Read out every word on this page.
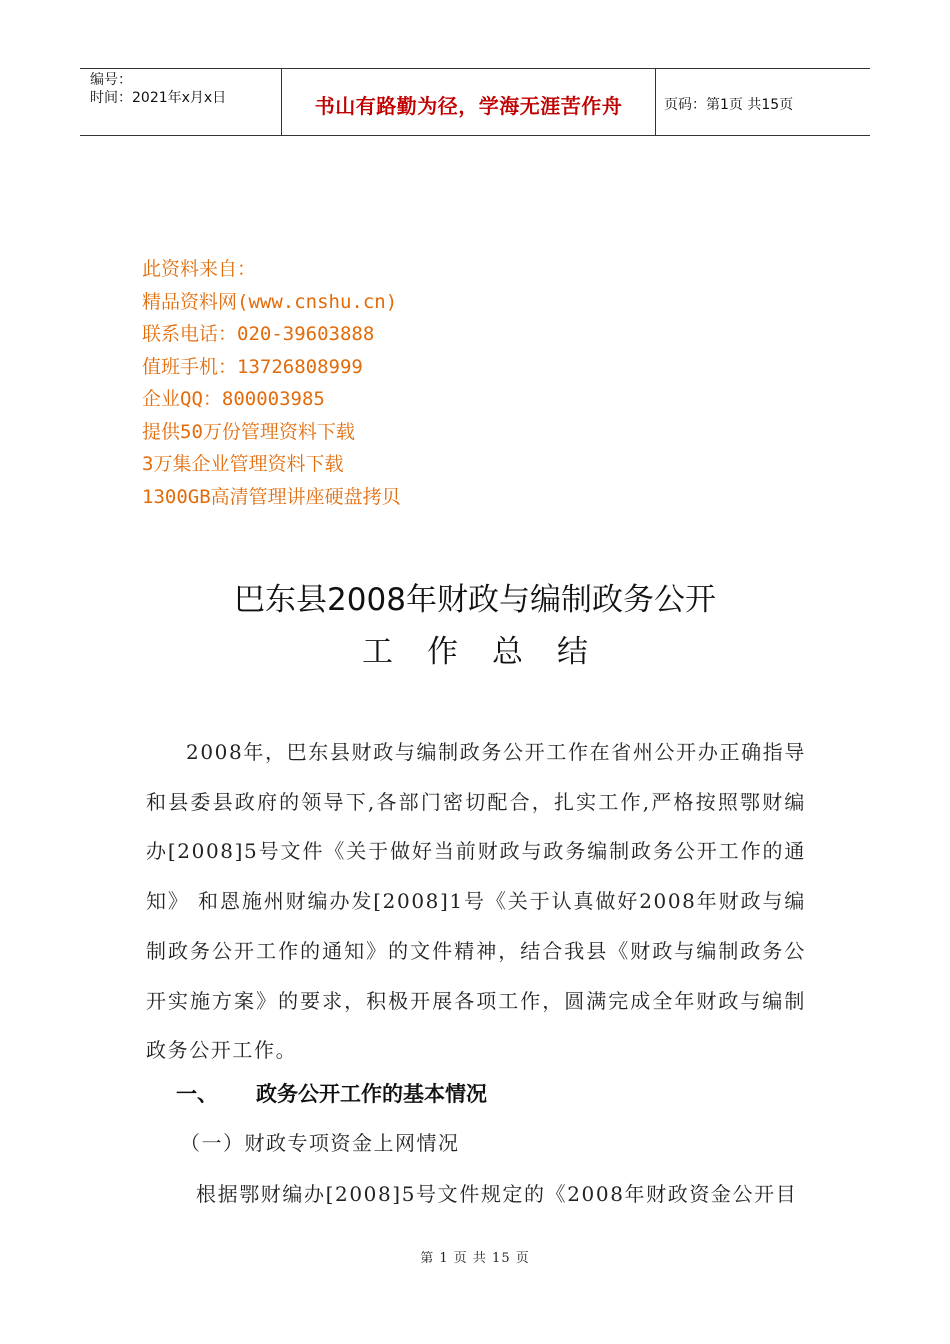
编号：
时间：2021年x月x日	书山有路勤为径，学海无涯苦作舟	页码：第1页 共15页
此资料来自：
精品资料网(www.cnshu.cn)
联系电话：020-39603888
值班手机：13726808999
企业QQ：800003985
提供50万份管理资料下载
3万集企业管理资料下载
1300GB高清管理讲座硬盘拷贝
巴东县2008年财政与编制政务公开
工作总结
2008年，巴东县财政与编制政务公开工作在省州公开办正确指导和县委县政府的领导下,各部门密切配合，扎实工作,严格按照鄂财编办[2008]5号文件《关于做好当前财政与政务编制政务公开工作的通知》 和恩施州财编办发[2008]1号《关于认真做好2008年财政与编制政务公开工作的通知》的文件精神，结合我县《财政与编制政务公开实施方案》的要求，积极开展各项工作，圆满完成全年财政与编制政务公开工作。
一、 政务公开工作的基本情况
（一）财政专项资金上网情况
根据鄂财编办[2008]5号文件规定的《2008年财政资金公开目
第 1 页 共 15 页
